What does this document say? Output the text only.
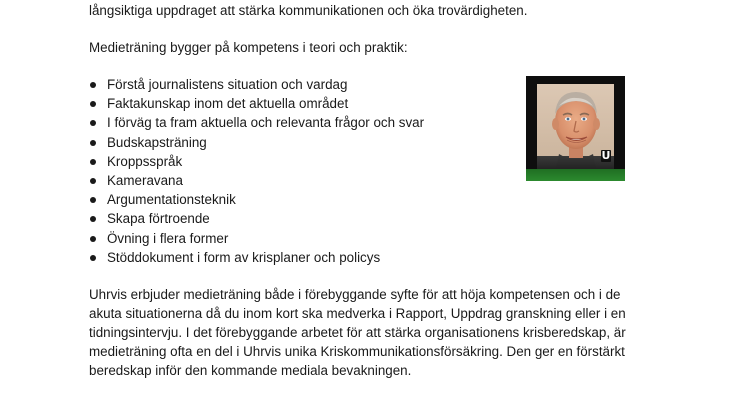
långsiktiga uppdraget att stärka kommunikationen och öka trovärdigheten.

Medieträning bygger på kompetens i teori och praktik:

Förstå journalistens situation och vardag
Faktakunskap inom det aktuella området
I förväg ta fram aktuella och relevanta frågor och svar
Budskapsträning
Kroppsspråk
Kameravana
Argumentationsteknik
Skapa förtroende
Övning i flera former
Stöddokument i form av krisplaner och policys
U

Uhrvis erbjuder medieträning både i förebyggande syfte för att höja kompetensen och i de
akuta situationerna då du inom kort ska medverka i Rapport, Uppdrag granskning eller i en
tidningsintervju. I det förebyggande arbetet för att stärka organisationens krisberedskap, är
medieträning ofta en del i Uhrvis unika Kriskommunikationsförsäkring. Den ger en förstärkt
beredskap inför den kommande mediala bevakningen.
